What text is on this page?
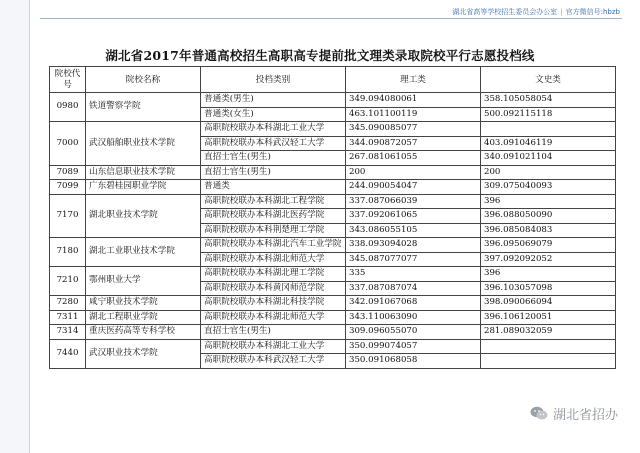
湖北省高等学校招生委员会办公室 | 官方微信号:hbzb
湖北省2017年普通高校招生高职高专提前批文理类录取院校平行志愿投档线
院校代号	院校名称	投档类别	理工类	文史类
0980	铁道警察学院	普通类(男生)	349.094080061	358.105058054
		普通类(女生)	463.101100119	500.092115118
7000	武汉船舶职业技术学院	高职院校联办本科湖北工业大学	345.090085077	
		高职院校联办本科武汉轻工大学	344.090872057	403.091046119
		直招士官生(男生)	267.081061055	340.091021104
7089	山东信息职业技术学院	直招士官生(男生)	200	200
7099	广东碧桂园职业学院	普通类	244.090054047	309.075040093
7170	湖北职业技术学院	高职院校联办本科湖北工程学院	337.087066039	396
		高职院校联办本科湖北医药学院	337.092061065	396.088050090
		高职院校联办本科荆楚理工学院	343.086055105	396.085084083
7180	湖北工业职业技术学院	高职院校联办本科湖北汽车工业学院	338.093094028	396.095069079
		高职院校联办本科湖北师范大学	345.087077077	397.092092052
7210	鄂州职业大学	高职院校联办本科湖北理工学院	335	396
		高职院校联办本科黄冈师范学院	337.087087074	396.103057098
7280	咸宁职业技术学院	高职院校联办本科湖北科技学院	342.091067068	398.090066094
7311	湖北工程职业学院	高职院校联办本科湖北师范大学	343.110063090	396.106120051
7314	重庆医药高等专科学校	直招士官生(男生)	309.096055070	281.089032059
7440	武汉职业技术学院	高职院校联办本科湖北工业大学	350.099074057	
		高职院校联办本科武汉轻工大学	350.091068058	
湖北省招办
